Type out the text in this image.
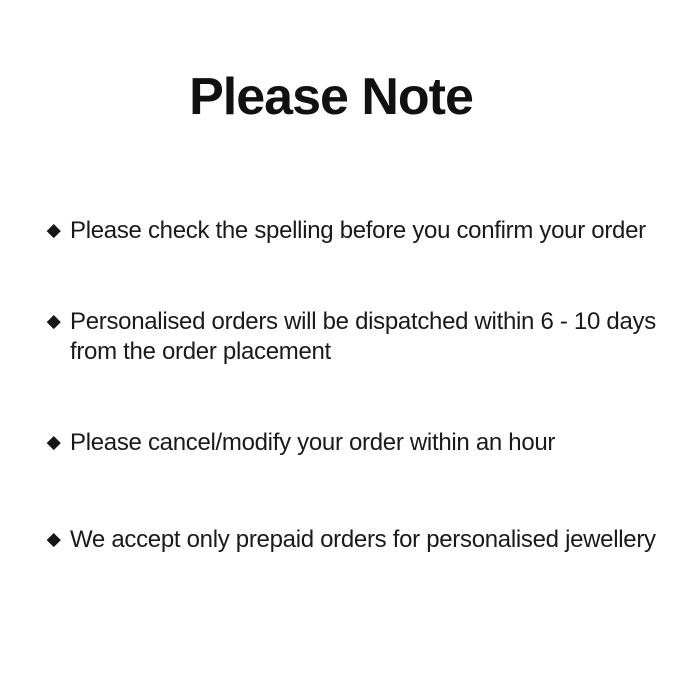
Please Note
Please check the spelling before you confirm your order
Personalised orders will be dispatched within 6 - 10 days
from the order placement
Please cancel/modify your order within an hour
We accept only prepaid orders for personalised jewellery
